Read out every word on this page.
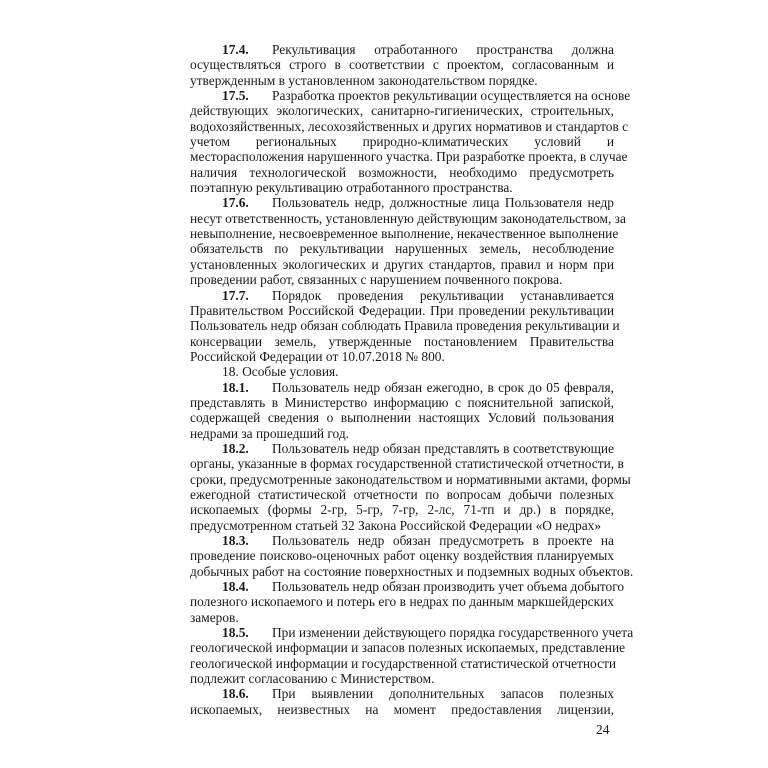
17.4.	Рекультивация отработанного пространства должна
осуществляться строго в соответствии с проектом, согласованным и
утвержденным в установленном законодательством порядке.
17.5.	Разработка проектов рекультивации осуществляется на основе
действующих экологических, санитарно-гигиенических, строительных,
водохозяйственных, лесохозяйственных и других нормативов и стандартов с
учетом региональных природно-климатических условий и
месторасположения нарушенного участка. При разработке проекта, в случае
наличия технологической возможности, необходимо предусмотреть
поэтапную рекультивацию отработанного пространства.
17.6.	Пользователь недр, должностные лица Пользователя недр
несут ответственность, установленную действующим законодательством, за
невыполнение, несвоевременное выполнение, некачественное выполнение
обязательств по рекультивации нарушенных земель, несоблюдение
установленных экологических и других стандартов, правил и норм при
проведении работ, связанных с нарушением почвенного покрова.
17.7.	Порядок проведения рекультивации устанавливается
Правительством Российской Федерации. При проведении рекультивации
Пользователь недр обязан соблюдать Правила проведения рекультивации и
консервации земель, утвержденные постановлением Правительства
Российской Федерации от 10.07.2018 № 800.
18. Особые условия.
18.1.	Пользователь недр обязан ежегодно, в срок до 05 февраля,
представлять в Министерство информацию с пояснительной запиской,
содержащей сведения о выполнении настоящих Условий пользования
недрами за прошедший год.
18.2.	Пользователь недр обязан представлять в соответствующие
органы, указанные в формах государственной статистической отчетности, в
сроки, предусмотренные законодательством и нормативными актами, формы
ежегодной статистической отчетности по вопросам добычи полезных
ископаемых (формы 2-гр, 5-гр, 7-гр, 2-лс, 71-тп и др.) в порядке,
предусмотренном статьей 32 Закона Российской Федерации «О недрах»
18.3.	Пользователь недр обязан предусмотреть в проекте на
проведение поисково-оценочных работ оценку воздействия планируемых
добычных работ на состояние поверхностных и подземных водных объектов.
18.4.	Пользователь недр обязан производить учет объема добытого
полезного ископаемого и потерь его в недрах по данным маркшейдерских
замеров.
18.5.	При изменении действующего порядка государственного учета
геологической информации и запасов полезных ископаемых, представление
геологической информации и государственной статистической отчетности
подлежит согласованию с Министерством.
18.6.	При выявлении дополнительных запасов полезных
ископаемых, неизвестных на момент предоставления лицензии,
24
